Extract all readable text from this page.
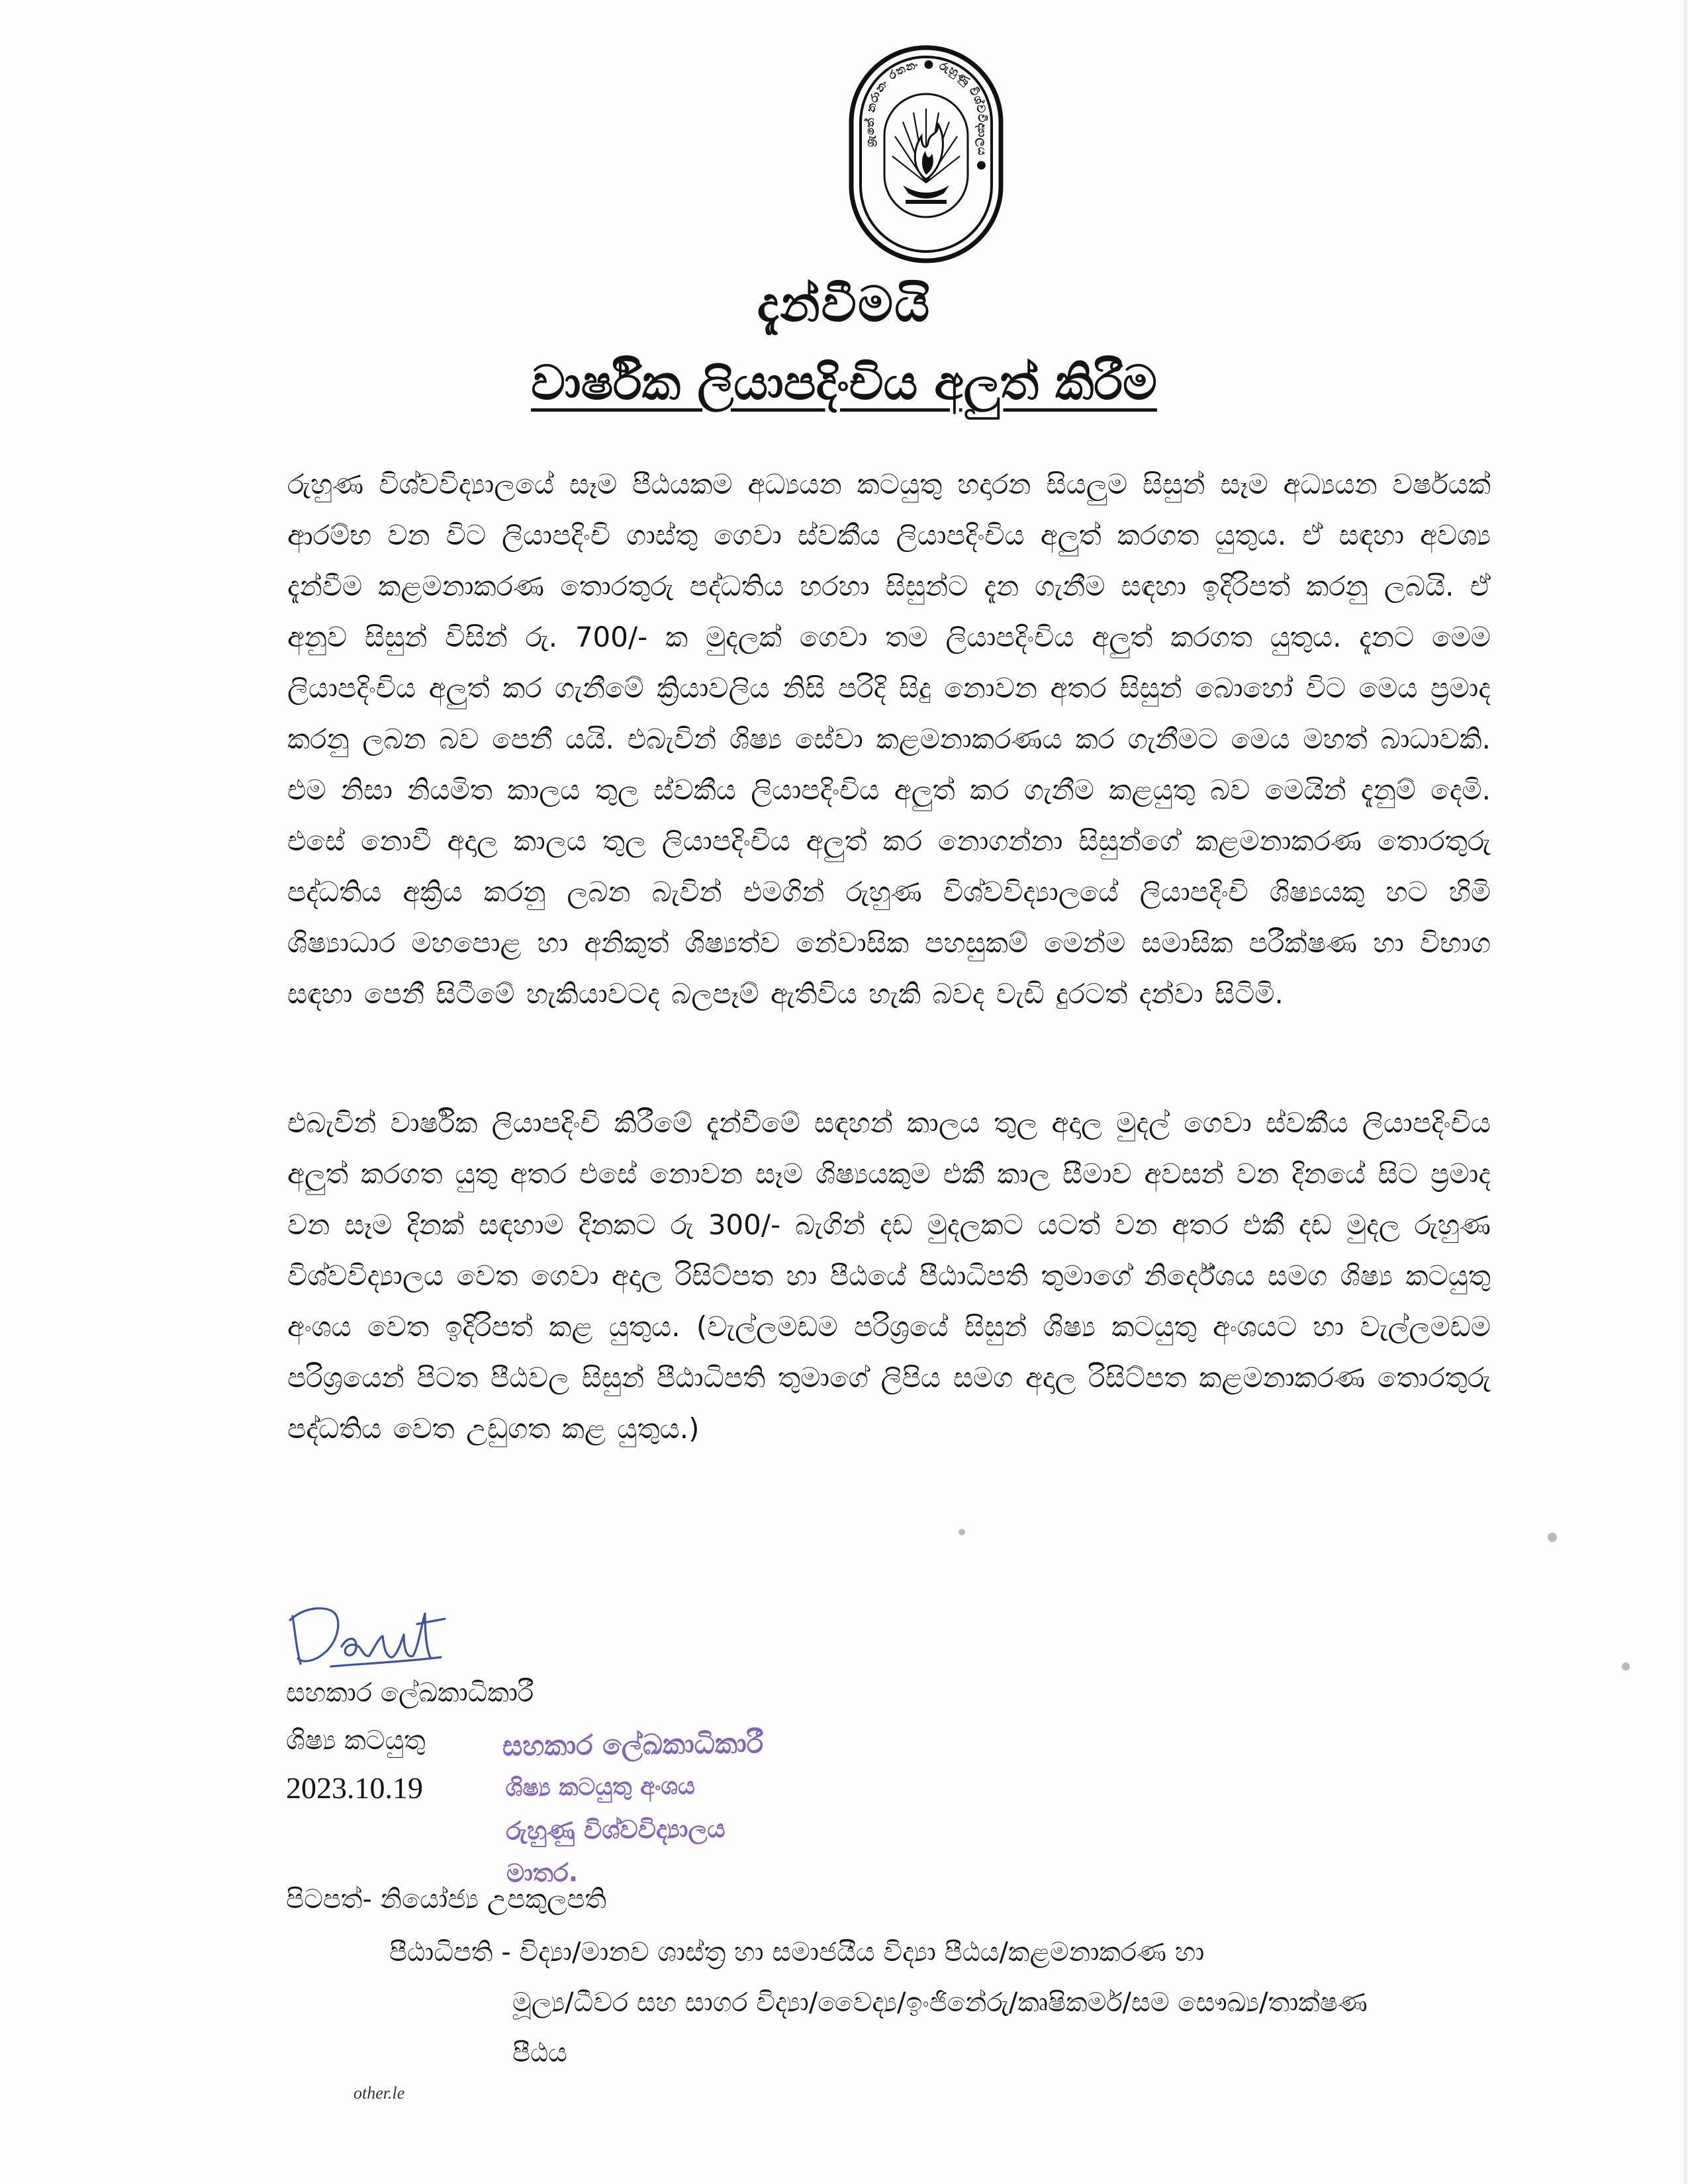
ශ්‍රැතේ නරානං රතනං ● රුහුණු විශ්වවිද්‍යාලය ●
දැන්වීමයි
වාර්ෂික ලියාපදිංචිය අලුත් කිරීම
රුහුණ විශ්වවිද්‍යාලයේ සෑම පීඨයකම අධ්‍යයන කටයුතු හදාරන සියලුම සිසුන් සෑම අධ්‍යයන වර්ෂයක් ආරම්භ වන විට ලියාපදිංචි ගාස්තු ගෙවා ස්වකීය ලියාපදිංචිය අලුත් කරගත යුතුය. ඒ සඳහා අවශ්‍ය දැන්වීම කළමනාකරණ තොරතුරු පද්ධතිය හරහා සිසුන්ට දැන ගැනීම සඳහා ඉදිරිපත් කරනු ලබයි. ඒ අනුව සිසුන් විසින් රු. 700/- ක මුදලක් ගෙවා තම ලියාපදිංචිය අලුත් කරගත යුතුය. දැනට මෙම ලියාපදිංචිය අලුත් කර ගැනීමේ ක්‍රියාවලිය නිසි පරිදි සිදු නොවන අතර සිසුන් බොහෝ විට මෙය ප්‍රමාද කරනු ලබන බව පෙනී යයි. එබැවින් ශිෂ්‍ය සේවා කළමනාකරණය කර ගැනීමට මෙය මහත් බාධාවකි. එම නිසා නියමිත කාලය තුල ස්වකීය ලියාපදිංචිය අලුත් කර ගැනීම කළයුතු බව මෙයින් දැනුම් දෙමි. එසේ නොවී අදාල කාලය තුල ලියාපදිංචිය අලුත් කර නොගන්නා සිසුන්ගේ කළමනාකරණ තොරතුරු පද්ධතිය අක්‍රිය කරනු ලබන බැවින් එමගින් රුහුණ විශ්වවිද්‍යාලයේ ලියාපදිංචි ශිෂ්‍යයකු හට හිමි ශිෂ්‍යාධාර මහපොළ හා අනිකුත් ශිෂ්‍යත්ව නේවාසික පහසුකම් මෙන්ම සමාසික පරීක්ෂණ හා විභාග සඳහා පෙනී සිටීමේ හැකියාවටද බලපෑම් ඇතිවිය හැකි බවද වැඩි දුරටත් දන්වා සිටිමි.
එබැවින් වාර්ෂික ලියාපදිංචි කිරීමේ දැන්වීමේ සඳහන් කාලය තුල අදාල මුදල් ගෙවා ස්වකීය ලියාපදිංචිය අලුත් කරගත යුතු අතර එසේ නොවන සෑම ශිෂ්‍යයකුම එකී කාල සීමාව අවසන් වන දිනයේ සිට ප්‍රමාද වන සෑම දිනක් සඳහාම දිනකට රු 300/- බැගින් දඩ මුදලකට යටත් වන අතර එකී දඩ මුදල රුහුණ විශ්වවිද්‍යාලය වෙත ගෙවා අදාල රිසිට්පත හා පීඨයේ පීඨාධිපති තුමාගේ නිර්දේශය සමග ශිෂ්‍ය කටයුතු අංශය වෙත ඉදිරිපත් කළ යුතුය. (වැල්ලමඩම පරිශ්‍රයේ සිසුන් ශිෂ්‍ය කටයුතු අංශයට හා වැල්ලමඩම පරිශ්‍රයෙන් පිටත පීඨවල සිසුන් පීඨාධිපති තුමාගේ ලිපිය සමග අදාල රිසිට්පත කළමනාකරණ තොරතුරු පද්ධතිය වෙත උඩුගත කළ යුතුය.)
සහකාර ලේඛකාධිකාරී
ශිෂ්‍ය කටයුතු
2023.10.19
සහකාර ලේඛකාධිකාරී
ශිෂ්‍ය කටයුතු අංශය
රුහුණු විශ්වවිද්‍යාලය
මාතර.
පිටපත්- නියෝජ්‍ය උපකුලපති
පීඨාධිපති - විද්‍යා/මානව ශාස්ත්‍ර හා සමාජයීය විද්‍යා පීඨය/කළමනාකරණ හා
මූල්‍ය/ධීවර සහ සාගර විද්‍යා/වෛද්‍ය/ඉංජිනේරු/කෘෂිකර්ම/සම සෞඛ්‍ය/තාක්ෂණ
පීඨය
other.le
